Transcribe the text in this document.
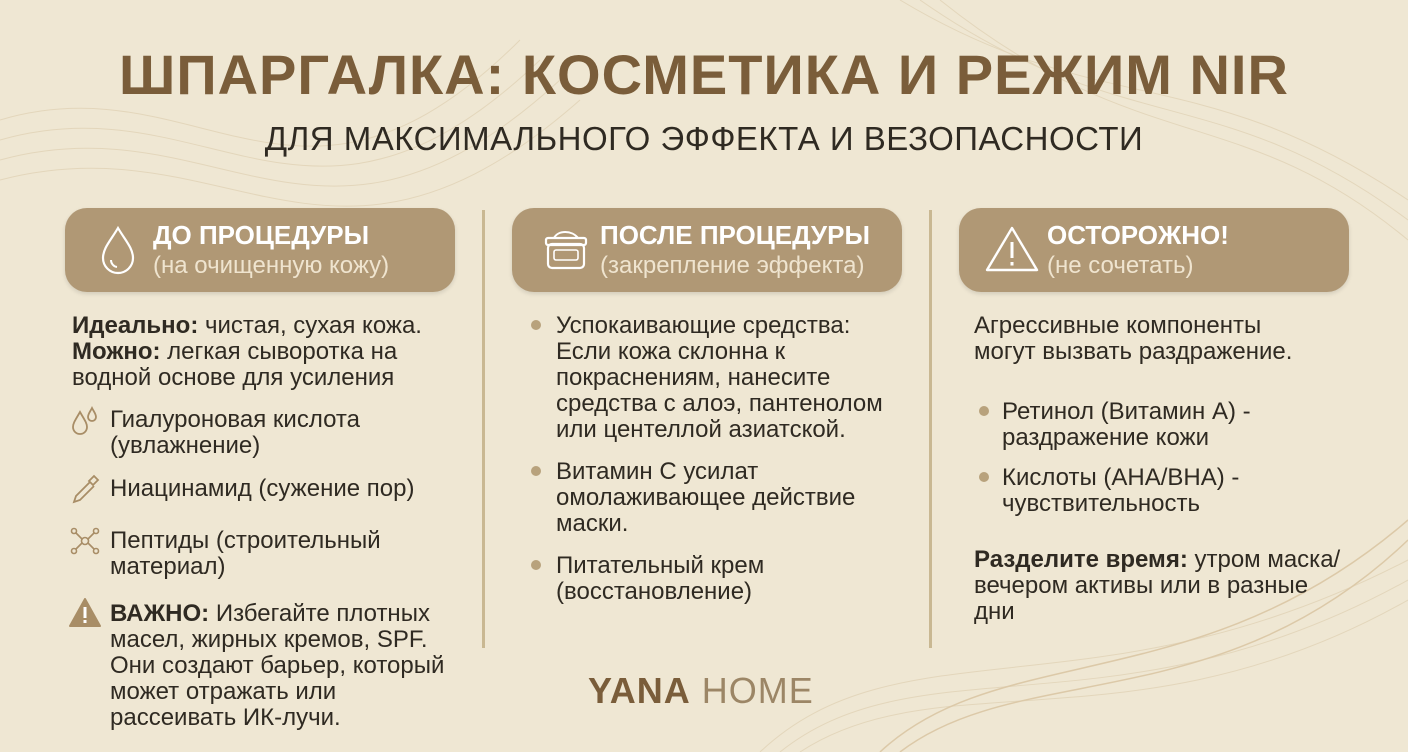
ШПАРГАЛКА: КОСМЕТИКА И РЕЖИМ NIR
ДЛЯ МАКСИМАЛЬНОГО ЭФФЕКТА И ВЕЗОПАСНОСТИ
ДО ПРОЦЕДУРЫ
(на очищенную кожу)
Идеально: чистая, сухая кожа.
Можно: легкая сыворотка на
водной основе для усиления
Гиалуроновая кислота
(увлажнение)
Ниацинамид (сужение пор)
Пептиды (строительный
материал)
ВАЖНО: Избегайте плотных
масел, жирных кремов, SPF.
Они создают барьер, который
может отражать или
рассеивать ИК-лучи.
ПОСЛЕ ПРОЦЕДУРЫ
(закрепление эффекта)
Успокаивающие средства:
Если кожа склонна к
покраснениям, нанесите
средства с алоэ, пантенолом
или центеллой азиатской.
Витамин С усилат
омолаживающее действие
маски.
Питательный крем
(восстановление)
YANA HOME
ОСТОРОЖНО!
(не сочетать)
Агрессивные компоненты
могут вызвать раздражение.
Ретинол (Витамин А) -
раздражение кожи
Кислоты (AHA/BHA) -
чувствительность
Разделите время: утром маска/
вечером активы или в разные
дни
